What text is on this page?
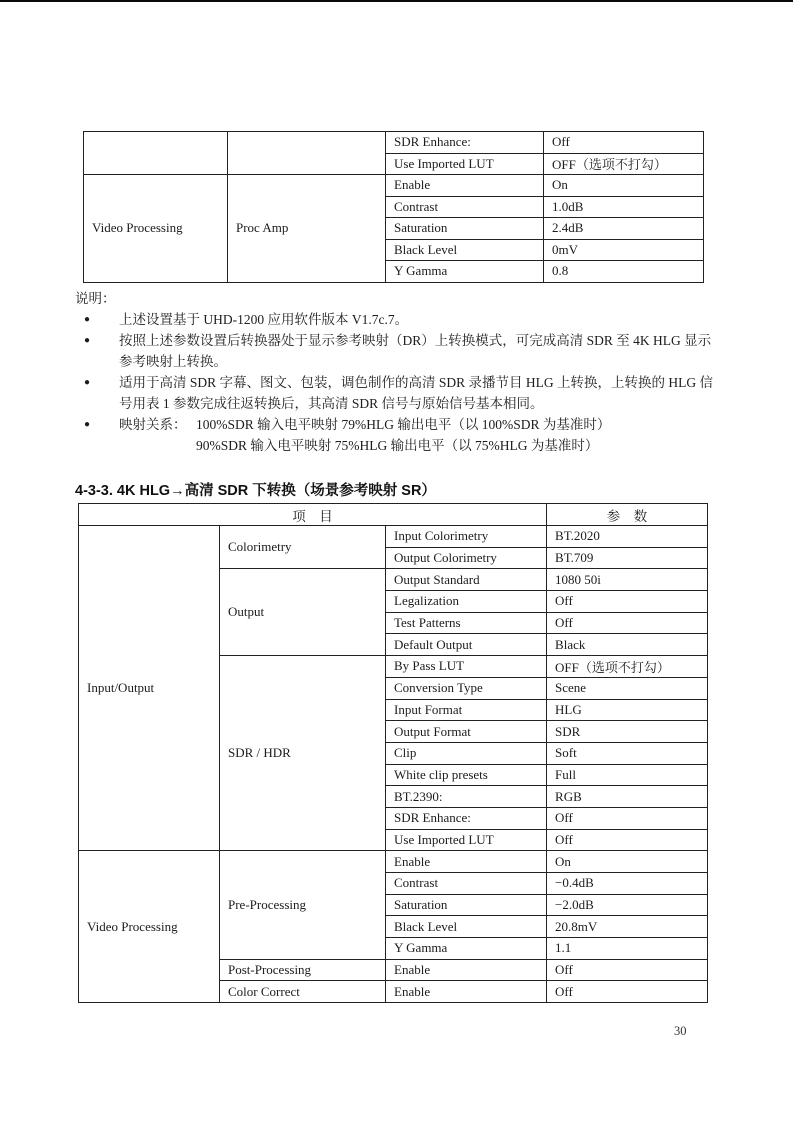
		SDR Enhance:	Off
		Use Imported LUT	OFF（选项不打勾）
Video Processing	Proc Amp	Enable	On
		Contrast	1.0dB
		Saturation	2.4dB
		Black Level	0mV
		Y Gamma	0.8
说明：
●	上述设置基于 UHD-1200 应用软件版本 V1.7c.7。
●	按照上述参数设置后转换器处于显示参考映射（DR）上转换模式，可完成高清 SDR 至 4K HLG 显示参考映射上转换。
●	适用于高清 SDR 字幕、图文、包装，调色制作的高清 SDR 录播节目 HLG 上转换，上转换的 HLG 信号用表 1 参数完成往返转换后，其高清 SDR 信号与原始信号基本相同。
●	映射关系： 100%SDR 输入电平映射 79%HLG 输出电平（以 100%SDR 为基准时）
90%SDR 输入电平映射 75%HLG 输出电平（以 75%HLG 为基准时）
4-3-3. 4K HLG→高清 SDR 下转换（场景参考映射 SR）
项　目			参　数
Input/Output	Colorimetry	Input Colorimetry	BT.2020
		Output Colorimetry	BT.709
	Output	Output Standard	1080 50i
		Legalization	Off
		Test Patterns	Off
		Default Output	Black
	SDR / HDR	By Pass LUT	OFF（选项不打勾）
		Conversion Type	Scene
		Input Format	HLG
		Output Format	SDR
		Clip	Soft
		White clip presets	Full
		BT.2390:	RGB
		SDR Enhance:	Off
		Use Imported LUT	Off
Video Processing	Pre-Processing	Enable	On
		Contrast	−0.4dB
		Saturation	−2.0dB
		Black Level	20.8mV
		Y Gamma	1.1
	Post-Processing	Enable	Off
	Color Correct	Enable	Off
30
